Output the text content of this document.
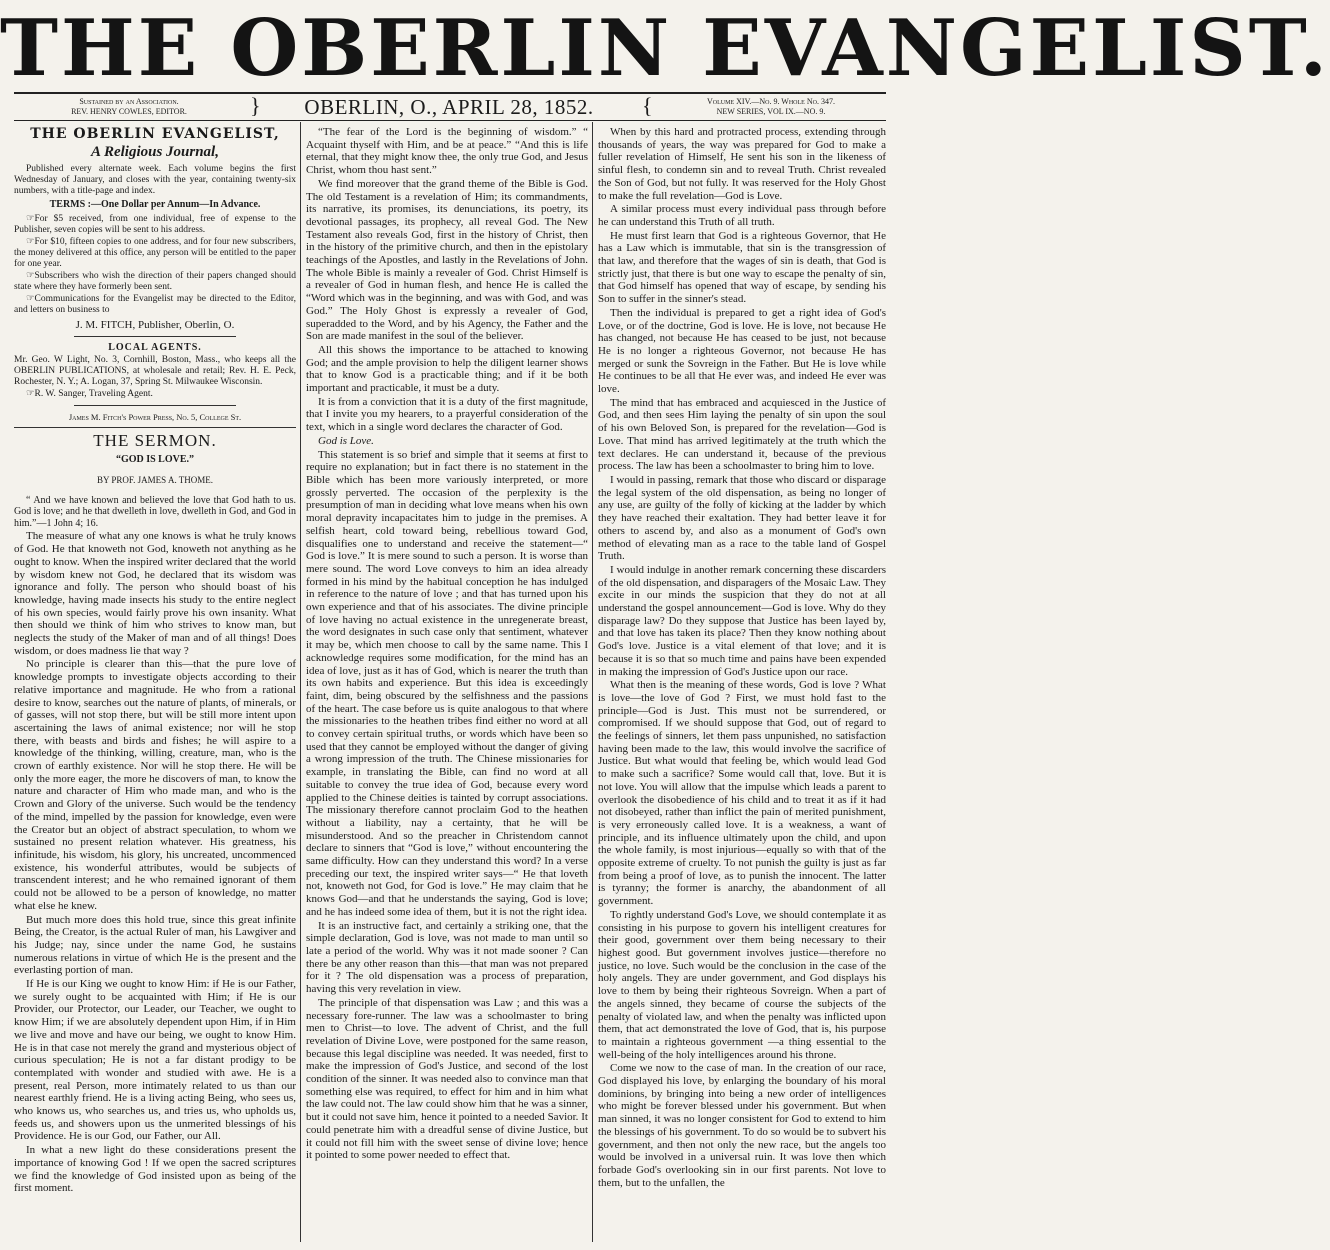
THE OBERLIN EVANGELIST.
Sustained by an Association.
REV. HENRY COWLES, EDITOR.	}	OBERLIN, O., APRIL 28, 1852.	{	Volume XIV.—No. 9. Whole No. 347.
NEW SERIES, VOL IX.—NO. 9.
THE OBERLIN EVANGELIST,
A Religious Journal,

Published every alternate week. Each volume begins the first Wednesday of January, and closes with the year, containing twenty-six numbers, with a title-page and index.

TERMS :—One Dollar per Annum—In Advance.

☞For $5 received, from one individual, free of expense to the Publisher, seven copies will be sent to his address.

☞For $10, fifteen copies to one address, and for four new subscribers, the money delivered at this office, any person will be entitled to the paper for one year.

☞Subscribers who wish the direction of their papers changed should state where they have formerly been sent.

☞Communications for the Evangelist may be directed to the Editor, and letters on business to

J. M. FITCH, Publisher, Oberlin, O.
LOCAL AGENTS.

Mr. Geo. W Light, No. 3, Cornhill, Boston, Mass., who keeps all the OBERLIN PUBLICATIONS, at wholesale and retail; Rev. H. E. Peck, Rochester, N. Y.; A. Logan, 37, Spring St. Milwaukee Wisconsin.

☞R. W. Sanger, Traveling Agent.

James M. Fitch's Power Press, No. 5, College St.
THE SERMON.
“GOD IS LOVE.”
BY PROF. JAMES A. THOME.

“ And we have known and believed the love that God hath to us. God is love; and he that dwelleth in love, dwelleth in God, and God in him.”—1 John 4; 16.

The measure of what any one knows is what he truly knows of God. He that knoweth not God, knoweth not anything as he ought to know. When the inspired writer declared that the world by wisdom knew not God, he declared that its wisdom was ignorance and folly. The person who should boast of his knowledge, having made insects his study to the entire neglect of his own species, would fairly prove his own insanity. What then should we think of him who strives to know man, but neglects the study of the Maker of man and of all things! Does wisdom, or does madness lie that way ?

No principle is clearer than this—that the pure love of knowledge prompts to investigate objects according to their relative importance and magnitude. He who from a rational desire to know, searches out the nature of plants, of minerals, or of gasses, will not stop there, but will be still more intent upon ascertaining the laws of animal existence; nor will he stop there, with beasts and birds and fishes; he will aspire to a knowledge of the thinking, willing, creature, man, who is the crown of earthly existence. Nor will he stop there. He will be only the more eager, the more he discovers of man, to know the nature and character of Him who made man, and who is the Crown and Glory of the universe. Such would be the tendency of the mind, impelled by the passion for knowledge, even were the Creator but an object of abstract speculation, to whom we sustained no present relation whatever. His greatness, his infinitude, his wisdom, his glory, his uncreated, uncommenced existence, his wonderful attributes, would be subjects of transcendent interest; and he who remained ignorant of them could not be allowed to be a person of knowledge, no matter what else he knew.

But much more does this hold true, since this great infinite Being, the Creator, is the actual Ruler of man, his Lawgiver and his Judge; nay, since under the name God, he sustains numerous relations in virtue of which He is the present and the everlasting portion of man.

If He is our King we ought to know Him: if He is our Father, we surely ought to be acquainted with Him; if He is our Provider, our Protector, our Leader, our Teacher, we ought to know Him; if we are absolutely dependent upon Him, if in Him we live and move and have our being, we ought to know Him. He is in that case not merely the grand and mysterious object of curious speculation; He is not a far distant prodigy to be contemplated with wonder and studied with awe. He is a present, real Person, more intimately related to us than our nearest earthly friend. He is a living acting Being, who sees us, who knows us, who searches us, and tries us, who upholds us, feeds us, and showers upon us the unmerited blessings of his Providence. He is our God, our Father, our All.

In what a new light do these considerations present the importance of knowing God ! If we open the sacred scriptures we find the knowledge of God insisted upon as being of the first moment.

“The fear of the Lord is the beginning of wisdom.” “ Acquaint thyself with Him, and be at peace.” “And this is life eternal, that they might know thee, the only true God, and Jesus Christ, whom thou hast sent.”

We find moreover that the grand theme of the Bible is God. The old Testament is a revelation of Him; its commandments, its narrative, its promises, its denunciations, its poetry, its devotional passages, its prophecy, all reveal God. The New Testament also reveals God, first in the history of Christ, then in the history of the primitive church, and then in the epistolary teachings of the Apostles, and lastly in the Revelations of John. The whole Bible is mainly a revealer of God. Christ Himself is a revealer of God in human flesh, and hence He is called the “Word which was in the beginning, and was with God, and was God.” The Holy Ghost is expressly a revealer of God, superadded to the Word, and by his Agency, the Father and the Son are made manifest in the soul of the believer.

All this shows the importance to be attached to knowing God; and the ample provision to help the diligent learner shows that to know God is a practicable thing; and if it be both important and practicable, it must be a duty.

It is from a conviction that it is a duty of the first magnitude, that I invite you my hearers, to a prayerful consideration of the text, which in a single word declares the character of God.

God is Love.

This statement is so brief and simple that it seems at first to require no explanation; but in fact there is no statement in the Bible which has been more variously interpreted, or more grossly perverted. The occasion of the perplexity is the presumption of man in deciding what love means when his own moral depravity incapacitates him to judge in the premises. A selfish heart, cold toward being, rebellious toward God, disqualifies one to understand and receive the statement—“ God is love.” It is mere sound to such a person. It is worse than mere sound. The word Love conveys to him an idea already formed in his mind by the habitual conception he has indulged in reference to the nature of love ; and that has turned upon his own experience and that of his associates. The divine principle of love having no actual existence in the unregenerate breast, the word designates in such case only that sentiment, whatever it may be, which men choose to call by the same name. This I acknowledge requires some modification, for the mind has an idea of love, just as it has of God, which is nearer the truth than its own habits and experience. But this idea is exceedingly faint, dim, being obscured by the selfishness and the passions of the heart. The case before us is quite analogous to that where the missionaries to the heathen tribes find either no word at all to convey certain spiritual truths, or words which have been so used that they cannot be employed without the danger of giving a wrong impression of the truth. The Chinese missionaries for example, in translating the Bible, can find no word at all suitable to convey the true idea of God, because every word applied to the Chinese deities is tainted by corrupt associations. The missionary therefore cannot proclaim God to the heathen without a liability, nay a certainty, that he will be misunderstood. And so the preacher in Christendom cannot declare to sinners that “God is love,” without encountering the same difficulty. How can they understand this word? In a verse preceding our text, the inspired writer says—“ He that loveth not, knoweth not God, for God is love.” He may claim that he knows God—and that he understands the saying, God is love; and he has indeed some idea of them, but it is not the right idea.

It is an instructive fact, and certainly a striking one, that the simple declaration, God is love, was not made to man until so late a period of the world. Why was it not made sooner ? Can there be any other reason than this—that man was not prepared for it ? The old dispensation was a process of preparation, having this very revelation in view.

The principle of that dispensation was Law ; and this was a necessary fore-runner. The law was a schoolmaster to bring men to Christ—to love. The advent of Christ, and the full revelation of Divine Love, were postponed for the same reason, because this legal discipline was needed. It was needed, first to make the impression of God's Justice, and second of the lost condition of the sinner. It was needed also to convince man that something else was required, to effect for him and in him what the law could not. The law could show him that he was a sinner, but it could not save him, hence it pointed to a needed Savior. It could penetrate him with a dreadful sense of divine Justice, but it could not fill him with the sweet sense of divine love; hence it pointed to some power needed to effect that.

When by this hard and protracted process, extending through thousands of years, the way was prepared for God to make a fuller revelation of Himself, He sent his son in the likeness of sinful flesh, to condemn sin and to reveal Truth. Christ revealed the Son of God, but not fully. It was reserved for the Holy Ghost to make the full revelation—God is Love.

A similar process must every individual pass through before he can understand this Truth of all truth.

He must first learn that God is a righteous Governor, that He has a Law which is immutable, that sin is the transgression of that law, and therefore that the wages of sin is death, that God is strictly just, that there is but one way to escape the penalty of sin, that God himself has opened that way of escape, by sending his Son to suffer in the sinner's stead.

Then the individual is prepared to get a right idea of God's Love, or of the doctrine, God is love. He is love, not because He has changed, not because He has ceased to be just, not because He is no longer a righteous Governor, not because He has merged or sunk the Sovreign in the Father. But He is love while He continues to be all that He ever was, and indeed He ever was love.

The mind that has embraced and acquiesced in the Justice of God, and then sees Him laying the penalty of sin upon the soul of his own Beloved Son, is prepared for the revelation—God is Love. That mind has arrived legitimately at the truth which the text declares. He can understand it, because of the previous process. The law has been a schoolmaster to bring him to love.

I would in passing, remark that those who discard or disparage the legal system of the old dispensation, as being no longer of any use, are guilty of the folly of kicking at the ladder by which they have reached their exaltation. They had better leave it for others to ascend by, and also as a monument of God's own method of elevating man as a race to the table land of Gospel Truth.

I would indulge in another remark concerning these discarders of the old dispensation, and disparagers of the Mosaic Law. They excite in our minds the suspicion that they do not at all understand the gospel announcement—God is love. Why do they disparage law? Do they suppose that Justice has been layed by, and that love has taken its place? Then they know nothing about God's love. Justice is a vital element of that love; and it is because it is so that so much time and pains have been expended in making the impression of God's Justice upon our race.

What then is the meaning of these words, God is love ? What is love—the love of God ? First, we must hold fast to the principle—God is Just. This must not be surrendered, or compromised. If we should suppose that God, out of regard to the feelings of sinners, let them pass unpunished, no satisfaction having been made to the law, this would involve the sacrifice of Justice. But what would that feeling be, which would lead God to make such a sacrifice? Some would call that, love. But it is not love. You will allow that the impulse which leads a parent to overlook the disobedience of his child and to treat it as if it had not disobeyed, rather than inflict the pain of merited punishment, is very erroneously called love. It is a weakness, a want of principle, and its influence ultimately upon the child, and upon the whole family, is most injurious—equally so with that of the opposite extreme of cruelty. To not punish the guilty is just as far from being a proof of love, as to punish the innocent. The latter is tyranny; the former is anarchy, the abandonment of all government.

To rightly understand God's Love, we should contemplate it as consisting in his purpose to govern his intelligent creatures for their good, government over them being necessary to their highest good. But government involves justice—therefore no justice, no love. Such would be the conclusion in the case of the holy angels. They are under government, and God displays his love to them by being their righteous Sovreign. When a part of the angels sinned, they became of course the subjects of the penalty of violated law, and when the penalty was inflicted upon them, that act demonstrated the love of God, that is, his purpose to maintain a righteous government —a thing essential to the well-being of the holy intelligences around his throne.

Come we now to the case of man. In the creation of our race, God displayed his love, by enlarging the boundary of his moral dominions, by bringing into being a new order of intelligences who might be forever blessed under his government. But when man sinned, it was no longer consistent for God to extend to him the blessings of his government. To do so would be to subvert his government, and then not only the new race, but the angels too would be involved in a universal ruin. It was love then which forbade God's overlooking sin in our first parents. Not love to them, but to the unfallen, the
